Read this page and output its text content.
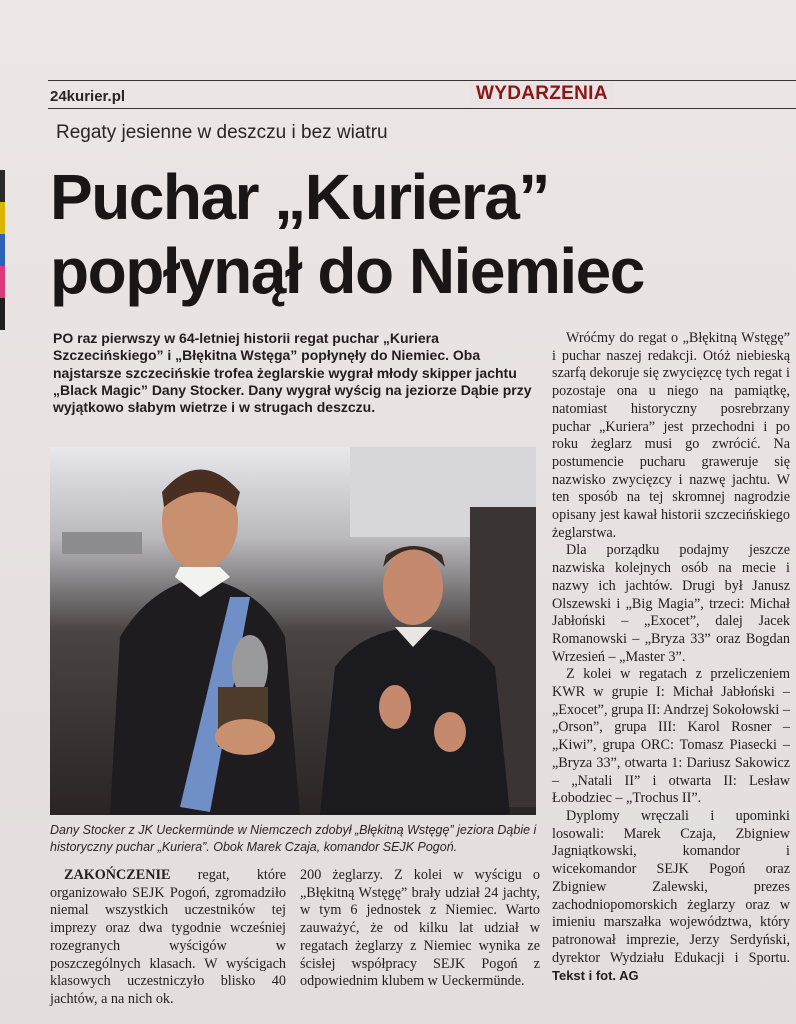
24kurier.pl	WYDARZENIA
Regaty jesienne w deszczu i bez wiatru
Puchar „Kuriera”
popłynął do Niemiec
PO raz pierwszy w 64-letniej historii regat puchar „Kuriera Szczecińskiego” i „Błękitna Wstęga” popłynęły do Niemiec. Oba najstarsze szczecińskie trofea żeglarskie wygrał młody skipper jachtu „Black Magic” Dany Stocker. Dany wygrał wyścig na jeziorze Dąbie przy wyjątkowo słabym wietrze i w strugach deszczu.
Dany Stocker z JK Ueckermünde w Niemczech zdobył „Błękitną Wstęgę” jeziora Dąbie i historyczny puchar „Kuriera”. Obok Marek Czaja, komandor SEJK Pogoń.

ZAKOŃCZENIE regat, które organizowało SEJK Pogoń, zgromadziło niemal wszystkich uczestników tej imprezy oraz dwa tygodnie wcześniej rozegranych wyścigów w poszczególnych klasach. W wyścigach klasowych uczestniczyło blisko 40 jachtów, a na nich ok.

200 żeglarzy. Z kolei w wyścigu o „Błękitną Wstęgę” brały udział 24 jachty, w tym 6 jednostek z Niemiec. Warto zauważyć, że od kilku lat udział w regatach żeglarzy z Niemiec wynika ze ścisłej współpracy SEJK Pogoń z odpowiednim klubem w Ueckermünde.

Wróćmy do regat o „Błękitną Wstęgę” i puchar naszej redakcji. Otóż niebieską szarfą dekoruje się zwycięzcę tych regat i pozostaje ona u niego na pamiątkę, natomiast historyczny posrebrzany puchar „Kuriera” jest przechodni i po roku żeglarz musi go zwrócić. Na postumencie pucharu graweruje się nazwisko zwycięzcy i nazwę jachtu. W ten sposób na tej skromnej nagrodzie opisany jest kawał historii szczecińskiego żeglarstwa.

Dla porządku podajmy jeszcze nazwiska kolejnych osób na mecie i nazwy ich jachtów. Drugi był Janusz Olszewski i „Big Magia”, trzeci: Michał Jabłoński – „Exocet”, dalej Jacek Romanowski – „Bryza 33” oraz Bogdan Wrzesień – „Master 3”.

Z kolei w regatach z przeliczeniem KWR w grupie I: Michał Jabłoński – „Exocet”, grupa II: Andrzej Sokołowski – „Orson”, grupa III: Karol Rosner – „Kiwi”, grupa ORC: Tomasz Piasecki – „Bryza 33”, otwarta 1: Dariusz Sakowicz – „Natali II” i otwarta II: Lesław Łobodziec – „Trochus II”.

Dyplomy wręczali i upominki losowali: Marek Czaja, Zbigniew Jagniątkowski, komandor i wicekomandor SEJK Pogoń oraz Zbigniew Zalewski, prezes zachodniopomorskich żeglarzy oraz w imieniu marszałka województwa, który patronował imprezie, Jerzy Serdyński, dyrektor Wydziału Edukacji i Sportu. Tekst i fot. AG
